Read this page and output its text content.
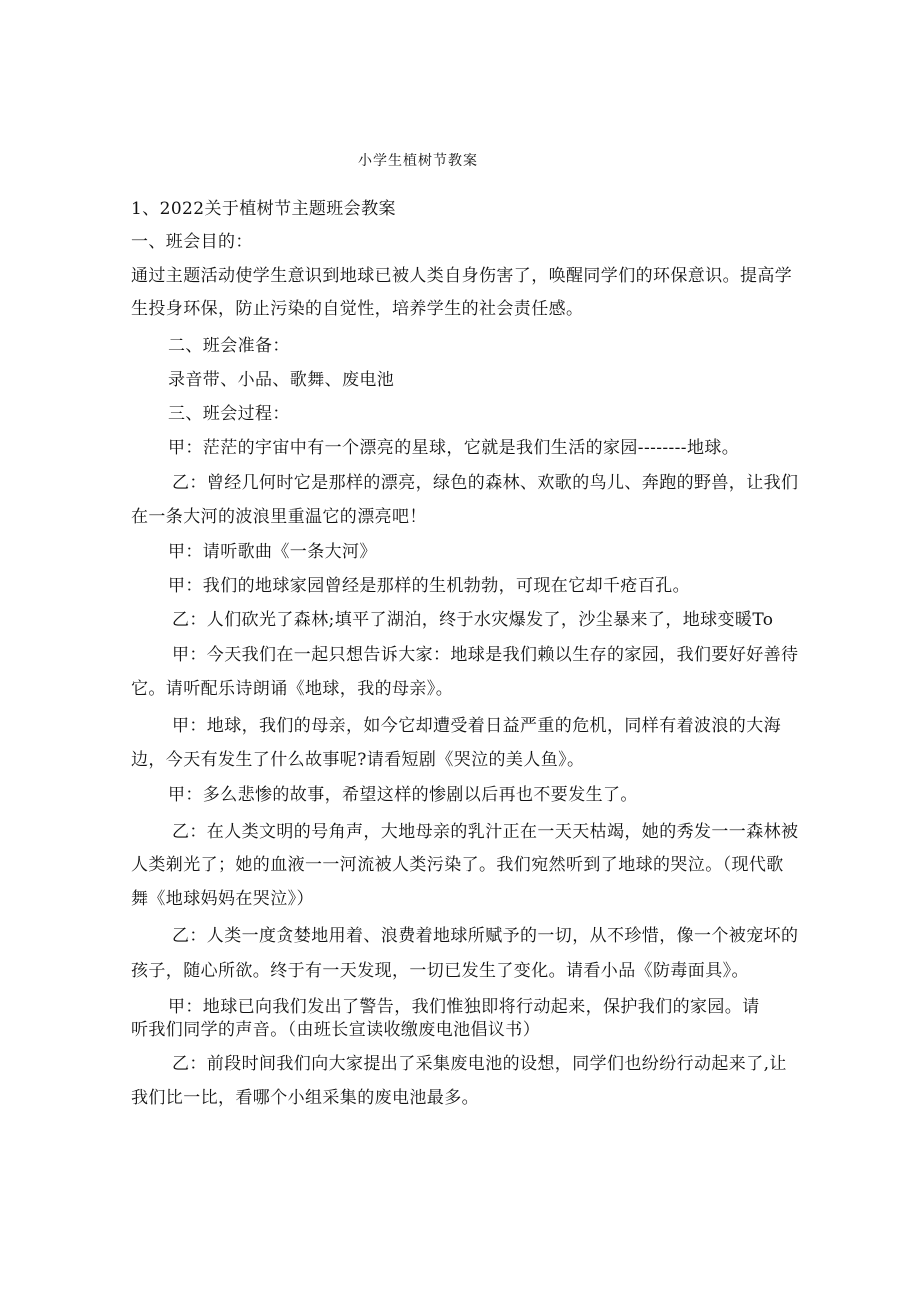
小学生植树节教案
1、2022关于植树节主题班会教案
一、班会目的：
通过主题活动使学生意识到地球已被人类自身伤害了，唤醒同学们的环保意识。提高学
生投身环保，防止污染的自觉性，培养学生的社会责任感。
二、班会准备：
录音带、小品、歌舞、废电池
三、班会过程：
甲：茫茫的宇宙中有一个漂亮的星球，它就是我们生活的家园--------地球。
乙：曾经几何时它是那样的漂亮，绿色的森林、欢歌的鸟儿、奔跑的野兽，让我们
在一条大河的波浪里重温它的漂亮吧！
甲：请听歌曲《一条大河》
甲：我们的地球家园曾经是那样的生机勃勃，可现在它却千疮百孔。
乙：人们砍光了森林;填平了湖泊，终于水灾爆发了，沙尘暴来了，地球变暖To
甲：今天我们在一起只想告诉大家：地球是我们赖以生存的家园，我们要好好善待
它。请听配乐诗朗诵《地球，我的母亲》。
甲：地球，我们的母亲，如今它却遭受着日益严重的危机，同样有着波浪的大海
边，今天有发生了什么故事呢?请看短剧《哭泣的美人鱼》。
甲：多么悲惨的故事，希望这样的惨剧以后再也不要发生了。
乙：在人类文明的号角声，大地母亲的乳汁正在一天天枯竭，她的秀发一一森林被
人类剃光了；她的血液一一河流被人类污染了。我们宛然听到了地球的哭泣。（现代歌
舞《地球妈妈在哭泣》）
乙：人类一度贪婪地用着、浪费着地球所赋予的一切，从不珍惜，像一个被宠坏的
孩子，随心所欲。终于有一天发现，一切已发生了变化。请看小品《防毒面具》。
甲：地球已向我们发出了警告，我们惟独即将行动起来，保护我们的家园。请
听我们同学的声音。（由班长宣读收缴废电池倡议书）
乙：前段时间我们向大家提出了采集废电池的设想，同学们也纷纷行动起来了,让
我们比一比，看哪个小组采集的废电池最多。
